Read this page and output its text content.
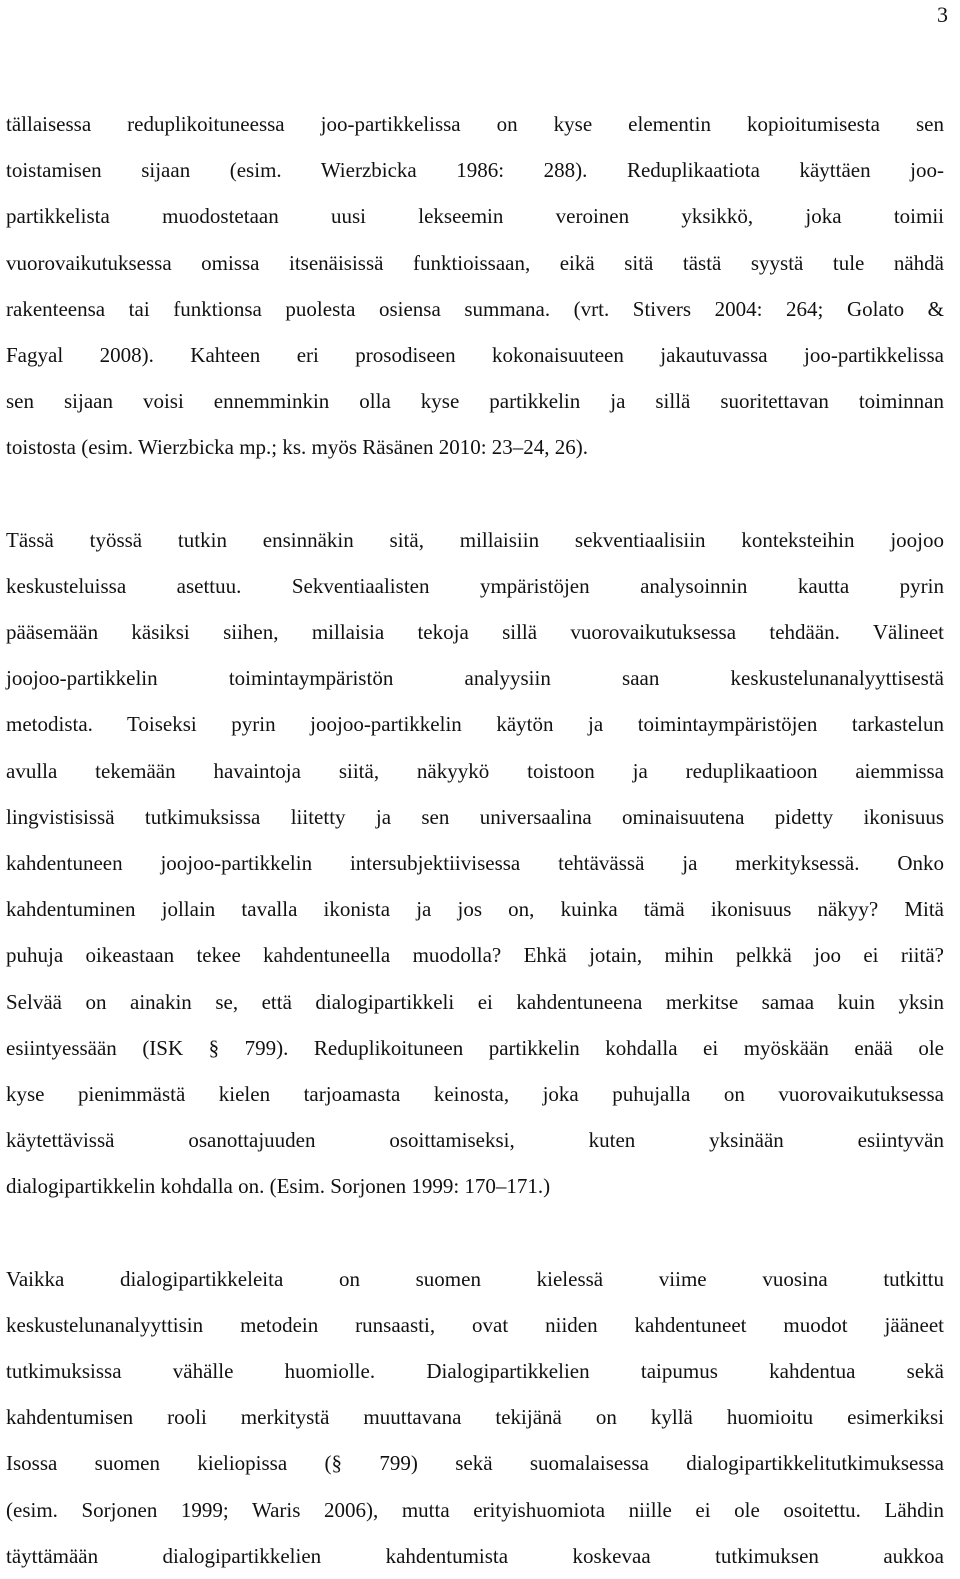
3

tällaisessa reduplikoituneessa joo-partikkelissa on kyse elementin kopioitumisesta sen

toistamisen sijaan (esim. Wierzbicka 1986: 288). Reduplikaatiota käyttäen joo-

partikkelista muodostetaan uusi lekseemin veroinen yksikkö, joka toimii

vuorovaikutuksessa omissa itsenäisissä funktioissaan, eikä sitä tästä syystä tule nähdä

rakenteensa tai funktionsa puolesta osiensa summana. (vrt. Stivers 2004: 264; Golato &

Fagyal 2008). Kahteen eri prosodiseen kokonaisuuteen jakautuvassa joo-partikkelissa

sen sijaan voisi ennemminkin olla kyse partikkelin ja sillä suoritettavan toiminnan

toistosta (esim. Wierzbicka mp.; ks. myös Räsänen 2010: 23–24, 26).

Tässä työssä tutkin ensinnäkin sitä, millaisiin sekventiaalisiin konteksteihin joojoo

keskusteluissa asettuu. Sekventiaalisten ympäristöjen analysoinnin kautta pyrin

pääsemään käsiksi siihen, millaisia tekoja sillä vuorovaikutuksessa tehdään. Välineet

joojoo-partikkelin toimintaympäristön analyysiin saan keskustelunanalyyttisestä

metodista. Toiseksi pyrin joojoo-partikkelin käytön ja toimintaympäristöjen tarkastelun

avulla tekemään havaintoja siitä, näkyykö toistoon ja reduplikaatioon aiemmissa

lingvistisissä tutkimuksissa liitetty ja sen universaalina ominaisuutena pidetty ikonisuus

kahdentuneen joojoo-partikkelin intersubjektiivisessa tehtävässä ja merkityksessä. Onko

kahdentuminen jollain tavalla ikonista ja jos on, kuinka tämä ikonisuus näkyy? Mitä

puhuja oikeastaan tekee kahdentuneella muodolla? Ehkä jotain, mihin pelkkä joo ei riitä?

Selvää on ainakin se, että dialogipartikkeli ei kahdentuneena merkitse samaa kuin yksin

esiintyessään (ISK § 799). Reduplikoituneen partikkelin kohdalla ei myöskään enää ole

kyse pienimmästä kielen tarjoamasta keinosta, joka puhujalla on vuorovaikutuksessa

käytettävissä osanottajuuden osoittamiseksi, kuten yksinään esiintyvän

dialogipartikkelin kohdalla on. (Esim. Sorjonen 1999: 170–171.)

Vaikka dialogipartikkeleita on suomen kielessä viime vuosina tutkittu

keskustelunanalyyttisin metodein runsaasti, ovat niiden kahdentuneet muodot jääneet

tutkimuksissa vähälle huomiolle. Dialogipartikkelien taipumus kahdentua sekä

kahdentumisen rooli merkitystä muuttavana tekijänä on kyllä huomioitu esimerkiksi

Isossa suomen kieliopissa (§ 799) sekä suomalaisessa dialogipartikkelitutkimuksessa

(esim. Sorjonen 1999; Waris 2006), mutta erityishuomiota niille ei ole osoitettu. Lähdin

täyttämään dialogipartikkelien kahdentumista koskevaa tutkimuksen aukkoa
